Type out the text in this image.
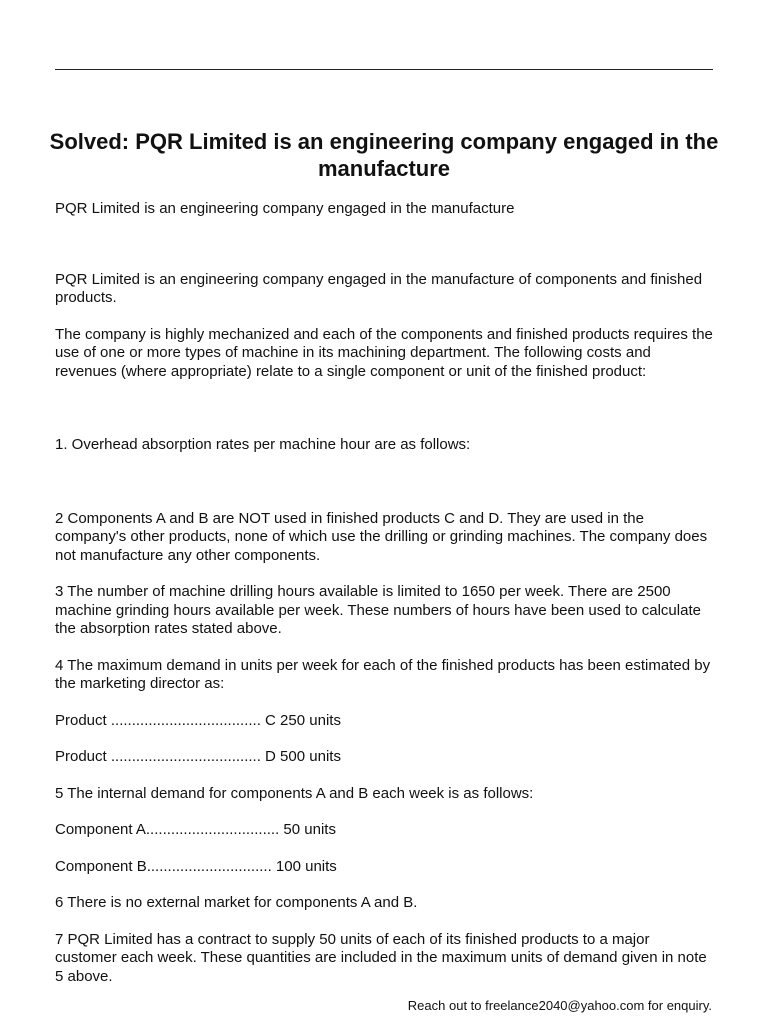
Solved: PQR Limited is an engineering company engaged in the manufacture

PQR Limited is an engineering company engaged in the manufacture

PQR Limited is an engineering company engaged in the manufacture of components and finished products.

The company is highly mechanized and each of the components and finished products requires the use of one or more types of machine in its machining department. The following costs and revenues (where appropriate) relate to a single component or unit of the finished product:

1. Overhead absorption rates per machine hour are as follows:

2 Components A and B are NOT used in finished products C and D. They are used in the company's other products, none of which use the drilling or grinding machines. The company does not manufacture any other components.

3 The number of machine drilling hours available is limited to 1650 per week. There are 2500 machine grinding hours available per week. These numbers of hours have been used to calculate the absorption rates stated above.

4 The maximum demand in units per week for each of the finished products has been estimated by the marketing director as:

Product .................................... C 250 units

Product .................................... D 500 units

5 The internal demand for components A and B each week is as follows:

Component A................................ 50 units

Component B.............................. 100 units

6 There is no external market for components A and B.

7 PQR Limited has a contract to supply 50 units of each of its finished products to a major customer each week. These quantities are included in the maximum units of demand given in note 5 above.

Reach out to freelance2040@yahoo.com for enquiry.
